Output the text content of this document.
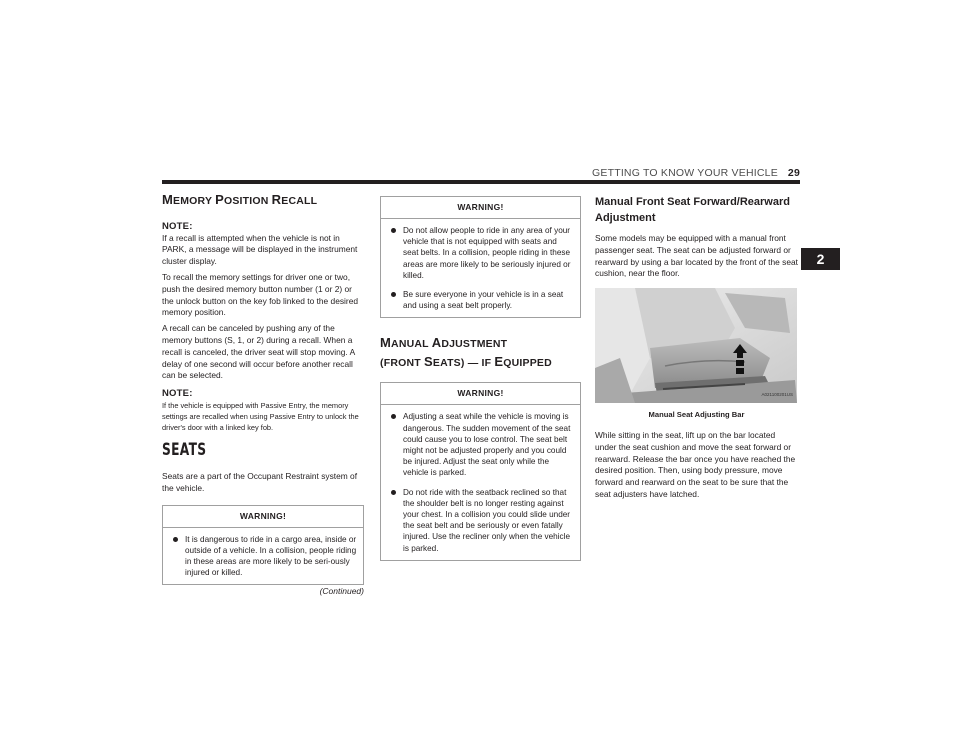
GETTING TO KNOW YOUR VEHICLE 29
2
MEMORY POSITION RECALL
NOTE:

If a recall is attempted when the vehicle is not in PARK, a message will be displayed in the instrument cluster display.

To recall the memory settings for driver one or two, push the desired memory button number (1 or 2) or the unlock button on the key fob linked to the desired memory position.

A recall can be canceled by pushing any of the memory buttons (S, 1, or 2) during a recall. When a recall is canceled, the driver seat will stop moving. A delay of one second will occur before another recall can be selected.

NOTE:

If the vehicle is equipped with Passive Entry, the memory settings are recalled when using Passive Entry to unlock the driver's door with a linked key fob.

SEATS

Seats are a part of the Occupant Restraint system of the vehicle.

WARNING!
It is dangerous to ride in a cargo area, inside or outside of a vehicle. In a collision, people riding in these areas are more likely to be seri-ously injured or killed.
(Continued)
WARNING!
Do not allow people to ride in any area of your vehicle that is not equipped with seats and seat belts. In a collision, people riding in these areas are more likely to be seriously injured or killed.
Be sure everyone in your vehicle is in a seat and using a seat belt properly.
MANUAL ADJUSTMENT
(FRONT SEATS) — IF EQUIPPED
WARNING!
Adjusting a seat while the vehicle is moving is dangerous. The sudden movement of the seat could cause you to lose control. The seat belt might not be adjusted properly and you could be injured. Adjust the seat only while the vehicle is parked.
Do not ride with the seatback reclined so that the shoulder belt is no longer resting against your chest. In a collision you could slide under the seat belt and be seriously or even fatally injured. Use the recliner only when the vehicle is parked.
Manual Front Seat Forward/Rearward Adjustment

Some models may be equipped with a manual front passenger seat. The seat can be adjusted forward or rearward by using a bar located by the front of the seat cushion, near the floor.

A021100201US
Manual Seat Adjusting Bar

While sitting in the seat, lift up on the bar located under the seat cushion and move the seat forward or rearward. Release the bar once you have reached the desired position. Then, using body pressure, move forward and rearward on the seat to be sure that the seat adjusters have latched.
